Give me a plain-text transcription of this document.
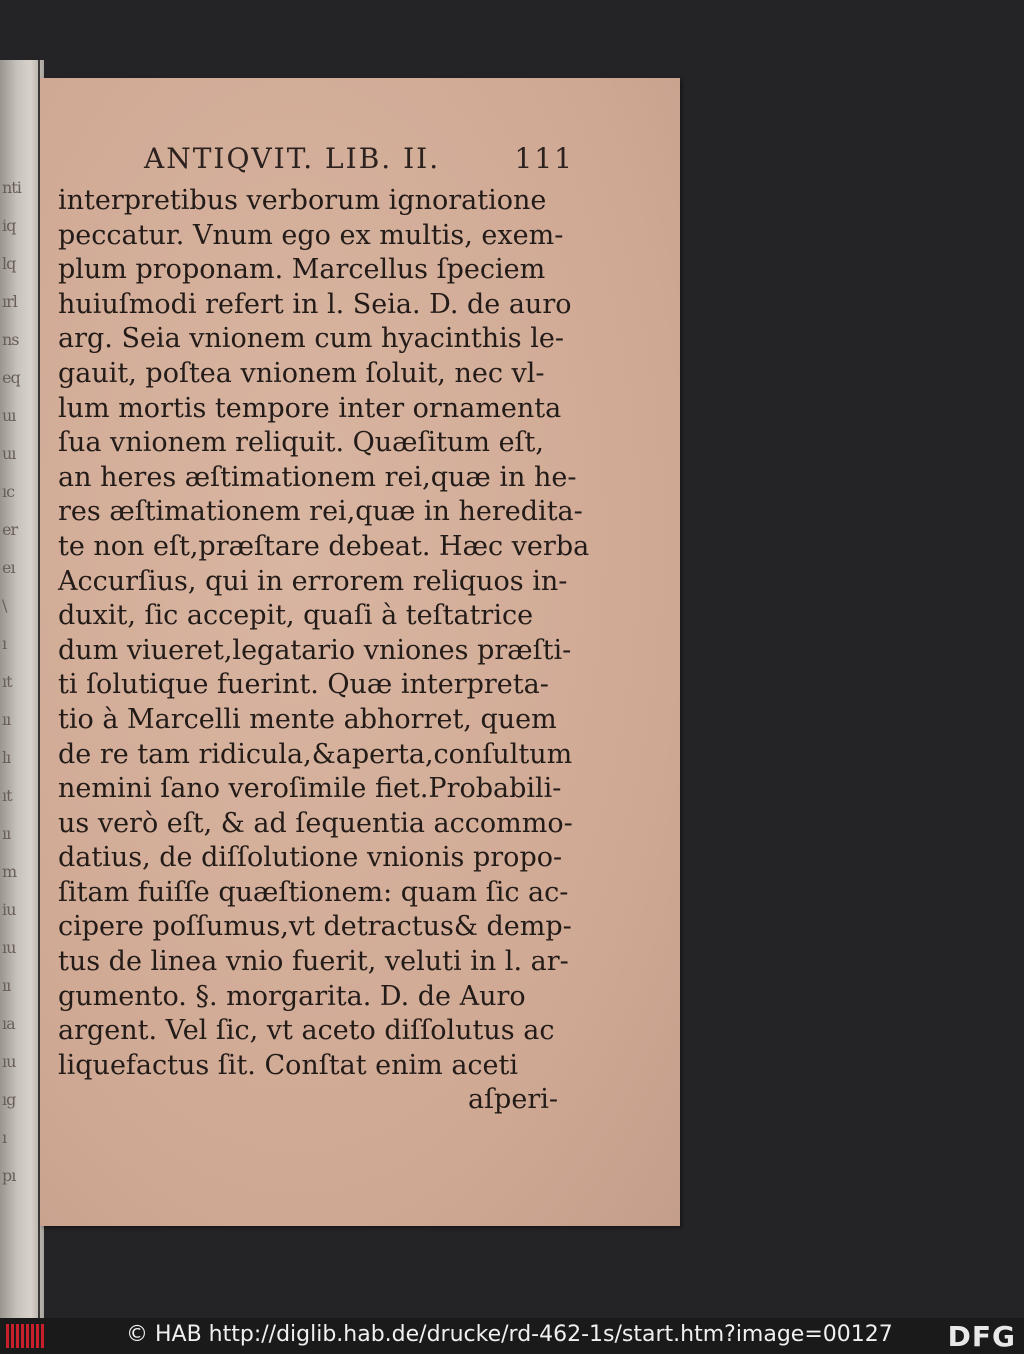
nti
iq
lq
ırl
ns
eq
uı
uı
ıc
er
eı
\
ı
ıt
ıı
lı
ıt
ıı
m
iu
ıu
ıı
ıa
ıu
ıg
ı
pı
ANTIQVIT. LIB. II.	111
interpretibus verborum ignoratione
peccatur. Vnum ego ex multis, exem-
plum proponam. Marcellus ſpeciem
huiuſmodi refert in l. Seia. D. de auro
arg. Seia vnionem cum hyacinthis le-
gauit, poſtea vnionem ſoluit, nec vl-
lum mortis tempore inter ornamenta
ſua vnionem reliquit. Quæſitum eſt,
an heres æſtimationem rei,quæ in he-
res æſtimationem rei,quæ in heredita-
te non eſt,præſtare debeat. Hæc verba
Accurſius, qui in errorem reliquos in-
duxit, ſic accepit, quaſi à teſtatrice
dum viueret,legatario vniones præſti-
ti ſolutique fuerint. Quæ interpreta-
tio à Marcelli mente abhorret, quem
de re tam ridicula,&aperta,conſultum
nemini ſano veroſimile fiet.Probabili-
us verò eſt, & ad ſequentia accommo-
datius, de diſſolutione vnionis propo-
ſitam fuiſſe quæſtionem: quam ſic ac-
cipere poſſumus,vt detractus& demp-
tus de linea vnio fuerit, veluti in l. ar-
gumento. §. morgarita. D. de Auro
argent. Vel ſic, vt aceto diſſolutus ac
liquefactus ſit. Conſtat enim aceti
aſperi-
© HAB http://diglib.hab.de/drucke/rd-462-1s/start.htm?image=00127 DFG
